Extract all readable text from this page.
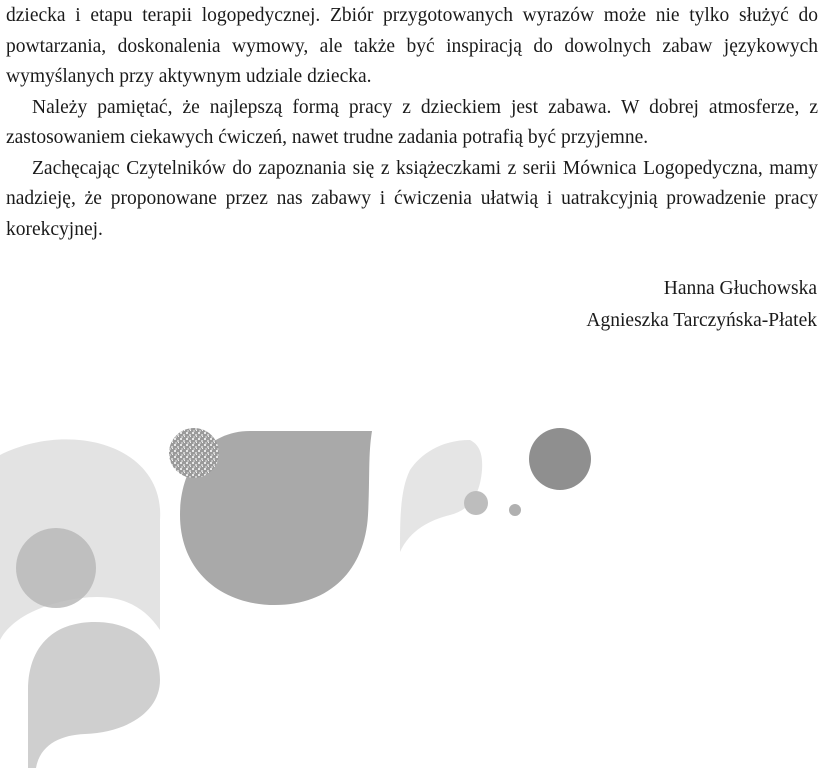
dziecka i etapu terapii logopedycznej. Zbiór przygotowanych wyrazów może nie tylko służyć do powtarzania, doskonalenia wymowy, ale także być inspiracją do dowolnych zabaw językowych wymyślanych przy aktywnym udziale dziecka.

Należy pamiętać, że najlepszą formą pracy z dzieckiem jest zabawa. W dobrej atmosferze, z zastosowaniem ciekawych ćwiczeń, nawet trudne zadania potrafią być przyjemne.

Zachęcając Czytelników do zapoznania się z książeczkami z serii Mównica Logopedyczna, mamy nadzieję, że proponowane przez nas zabawy i ćwiczenia ułatwią i uatrakcyjnią prowadzenie pracy korekcyjnej.

Hanna Głuchowska
Agnieszka Tarczyńska-Płatek
